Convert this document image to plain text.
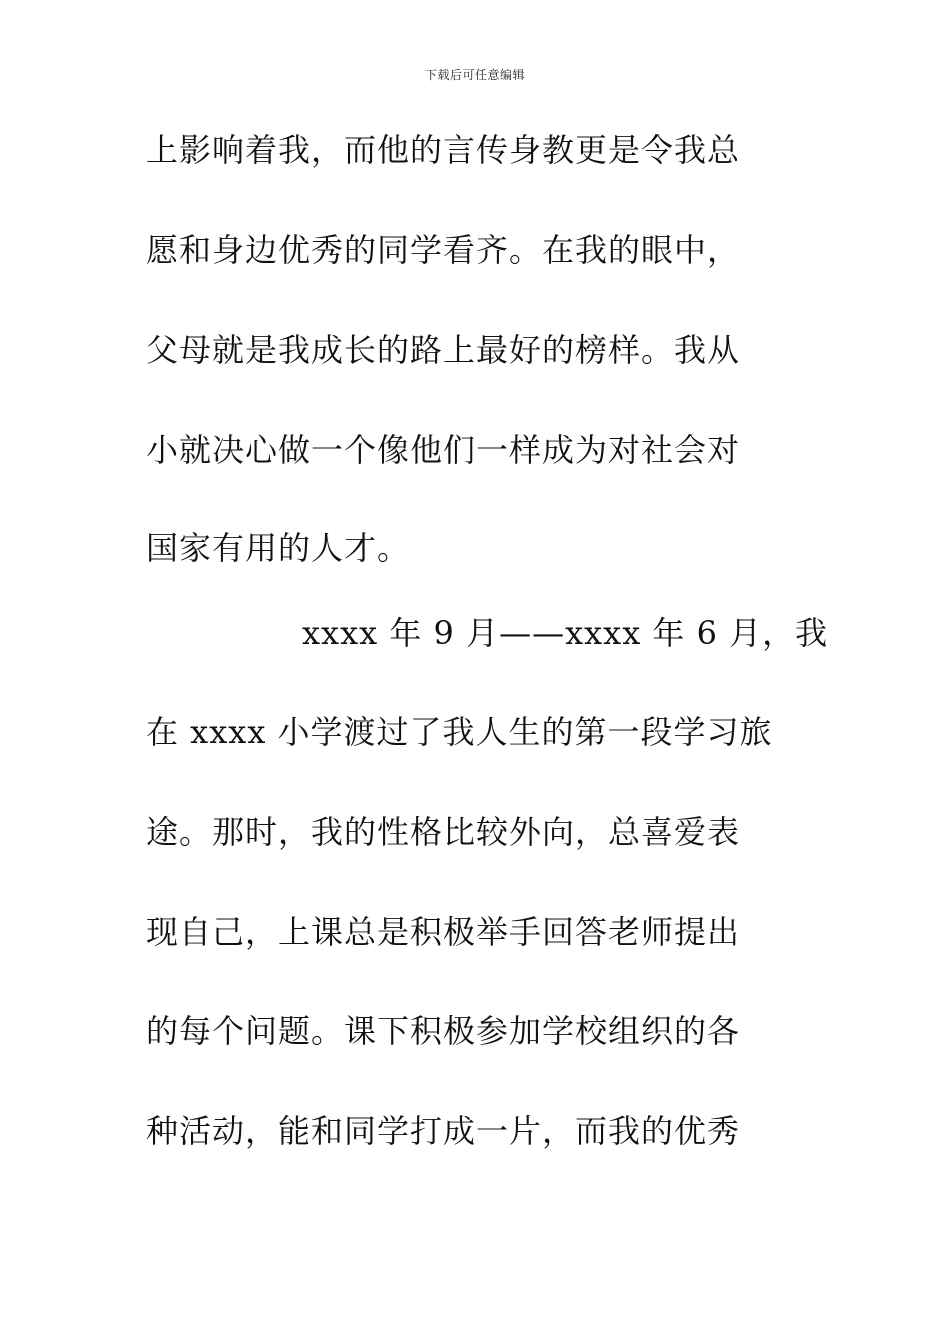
下载后可任意编辑
上影响着我，而他的言传身教更是令我总
愿和身边优秀的同学看齐。在我的眼中，
父母就是我成长的路上最好的榜样。我从
小就决心做一个像他们一样成为对社会对
国家有用的人才。
xxxx 年 9 月——xxxx 年 6 月，我
在 xxxx 小学渡过了我人生的第一段学习旅
途。那时，我的性格比较外向，总喜爱表
现自己，上课总是积极举手回答老师提出
的每个问题。课下积极参加学校组织的各
种活动，能和同学打成一片，而我的优秀
